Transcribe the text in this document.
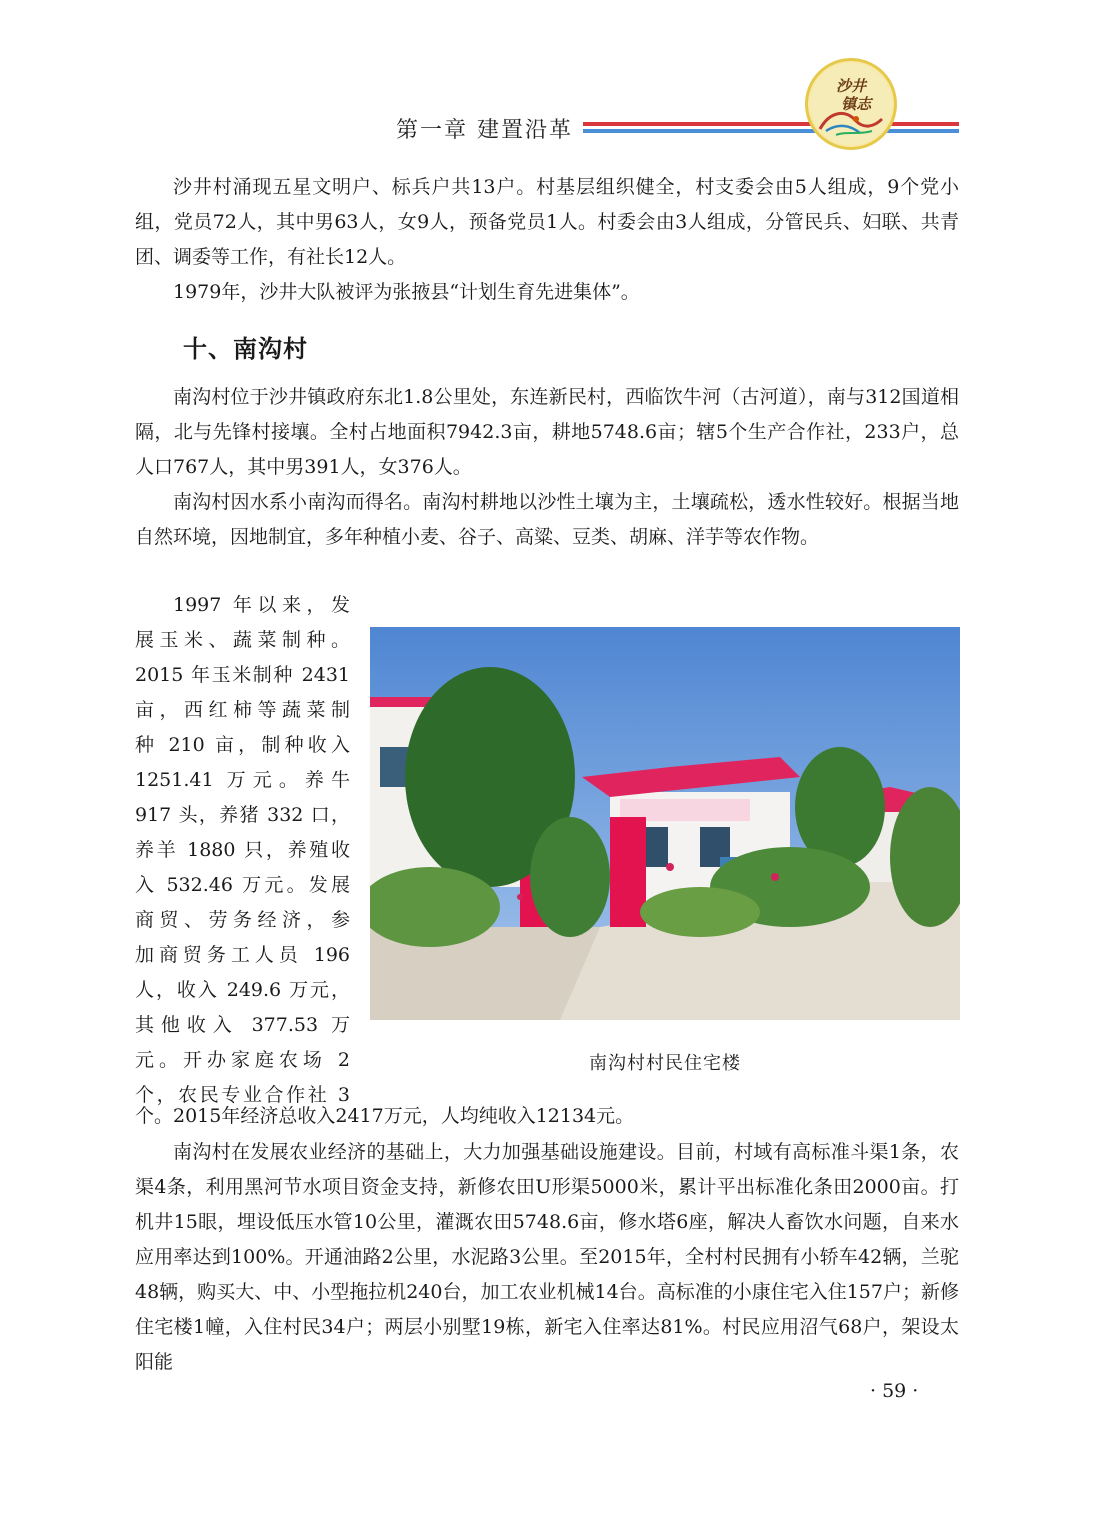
第一章 建置沿革
沙井
镇志

沙井村涌现五星文明户、标兵户共13户。村基层组织健全，村支委会由5人组成，9个党小组，党员72人，其中男63人，女9人，预备党员1人。村委会由3人组成，分管民兵、妇联、共青团、调委等工作，有社长12人。

1979年，沙井大队被评为张掖县“计划生育先进集体”。

十、南沟村

南沟村位于沙井镇政府东北1.8公里处，东连新民村，西临饮牛河（古河道），南与312国道相隔，北与先锋村接壤。全村占地面积7942.3亩，耕地5748.6亩；辖5个生产合作社，233户，总人口767人，其中男391人，女376人。

南沟村因水系小南沟而得名。南沟村耕地以沙性土壤为主，土壤疏松，透水性较好。根据当地自然环境，因地制宜，多年种植小麦、谷子、高粱、豆类、胡麻、洋芋等农作物。

1997 年以来，发
展玉米、蔬菜制种。
2015 年玉米制种 2431
亩，西红柿等蔬菜制
种 210 亩，制种收入
1251.41 万元。养牛
917 头，养猪 332 口，
养羊 1880 只，养殖收
入 532.46 万元。发展
商贸、劳务经济，参
加商贸务工人员 196
人，收入 249.6 万元，
其他收入 377.53 万
元。开办家庭农场 2
个，农民专业合作社 3
南沟村村民住宅楼

个。2015年经济总收入2417万元，人均纯收入12134元。

南沟村在发展农业经济的基础上，大力加强基础设施建设。目前，村域有高标准斗渠1条，农渠4条，利用黑河节水项目资金支持，新修农田U形渠5000米，累计平出标准化条田2000亩。打机井15眼，埋设低压水管10公里，灌溉农田5748.6亩，修水塔6座，解决人畜饮水问题，自来水应用率达到100%。开通油路2公里，水泥路3公里。至2015年，全村村民拥有小轿车42辆，兰驼48辆，购买大、中、小型拖拉机240台，加工农业机械14台。高标准的小康住宅入住157户；新修住宅楼1幢，入住村民34户；两层小别墅19栋，新宅入住率达81%。村民应用沼气68户，架设太阳能

· 59 ·
